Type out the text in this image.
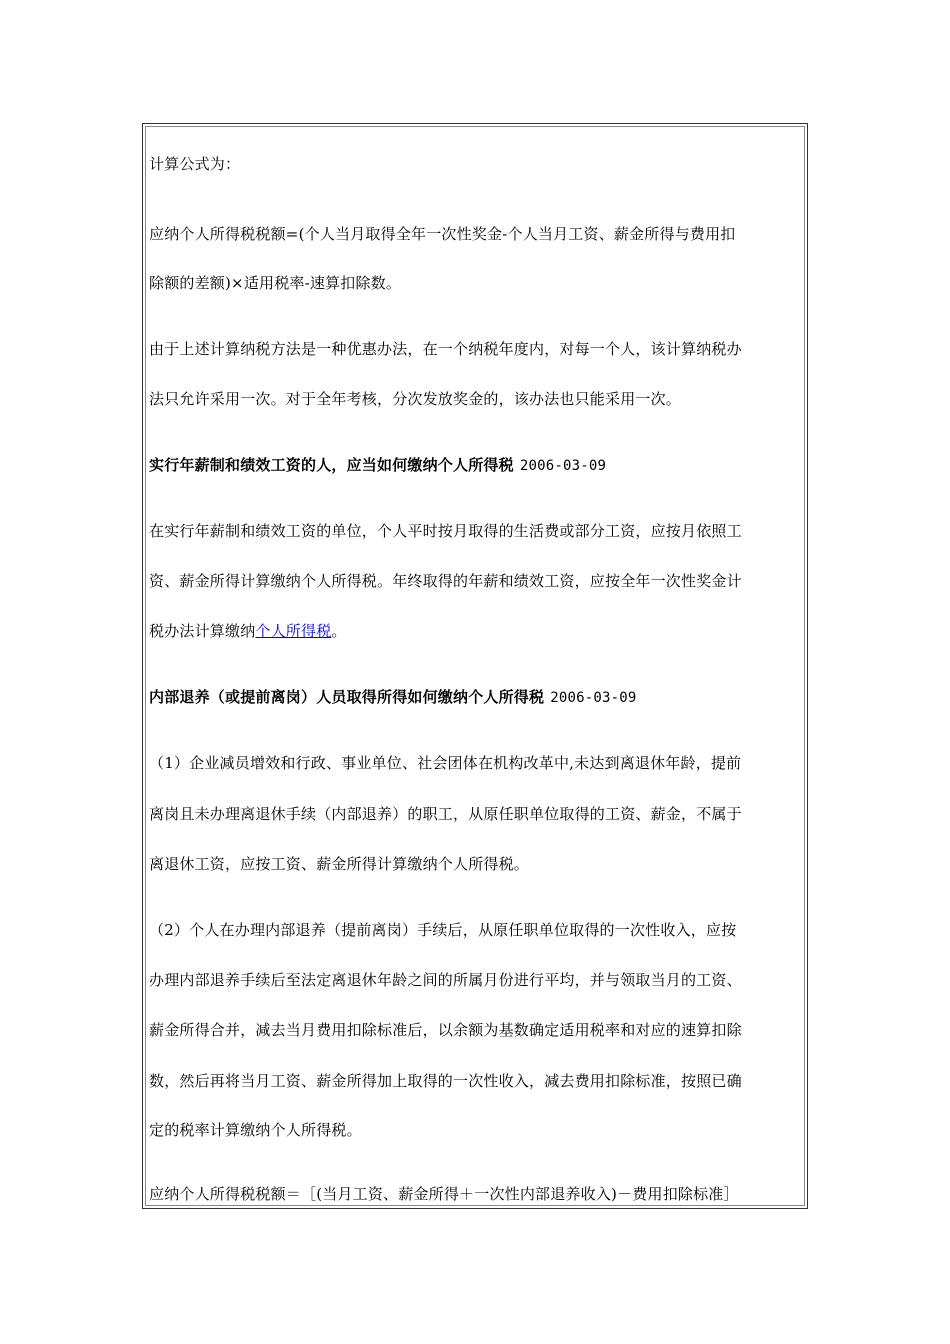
计算公式为：
应纳个人所得税税额=(个人当月取得全年一次性奖金-个人当月工资、薪金所得与费用扣
除额的差额)×适用税率-速算扣除数。
由于上述计算纳税方法是一种优惠办法，在一个纳税年度内，对每一个人，该计算纳税办
法只允许采用一次。对于全年考核，分次发放奖金的，该办法也只能采用一次。
实行年薪制和绩效工资的人，应当如何缴纳个人所得税 2006-03-09
在实行年薪制和绩效工资的单位，个人平时按月取得的生活费或部分工资，应按月依照工
资、薪金所得计算缴纳个人所得税。年终取得的年薪和绩效工资，应按全年一次性奖金计
税办法计算缴纳个人所得税。
内部退养（或提前离岗）人员取得所得如何缴纳个人所得税 2006-03-09
（1）企业减员增效和行政、事业单位、社会团体在机构改革中,未达到离退休年龄，提前
离岗且未办理离退休手续（内部退养）的职工，从原任职单位取得的工资、薪金，不属于
离退休工资，应按工资、薪金所得计算缴纳个人所得税。
（2）个人在办理内部退养（提前离岗）手续后，从原任职单位取得的一次性收入，应按
办理内部退养手续后至法定离退休年龄之间的所属月份进行平均，并与领取当月的工资、
薪金所得合并，减去当月费用扣除标准后，以余额为基数确定适用税率和对应的速算扣除
数，然后再将当月工资、薪金所得加上取得的一次性收入，减去费用扣除标准，按照已确
定的税率计算缴纳个人所得税。
应纳个人所得税税额＝［(当月工资、薪金所得＋一次性内部退养收入)－费用扣除标准］
